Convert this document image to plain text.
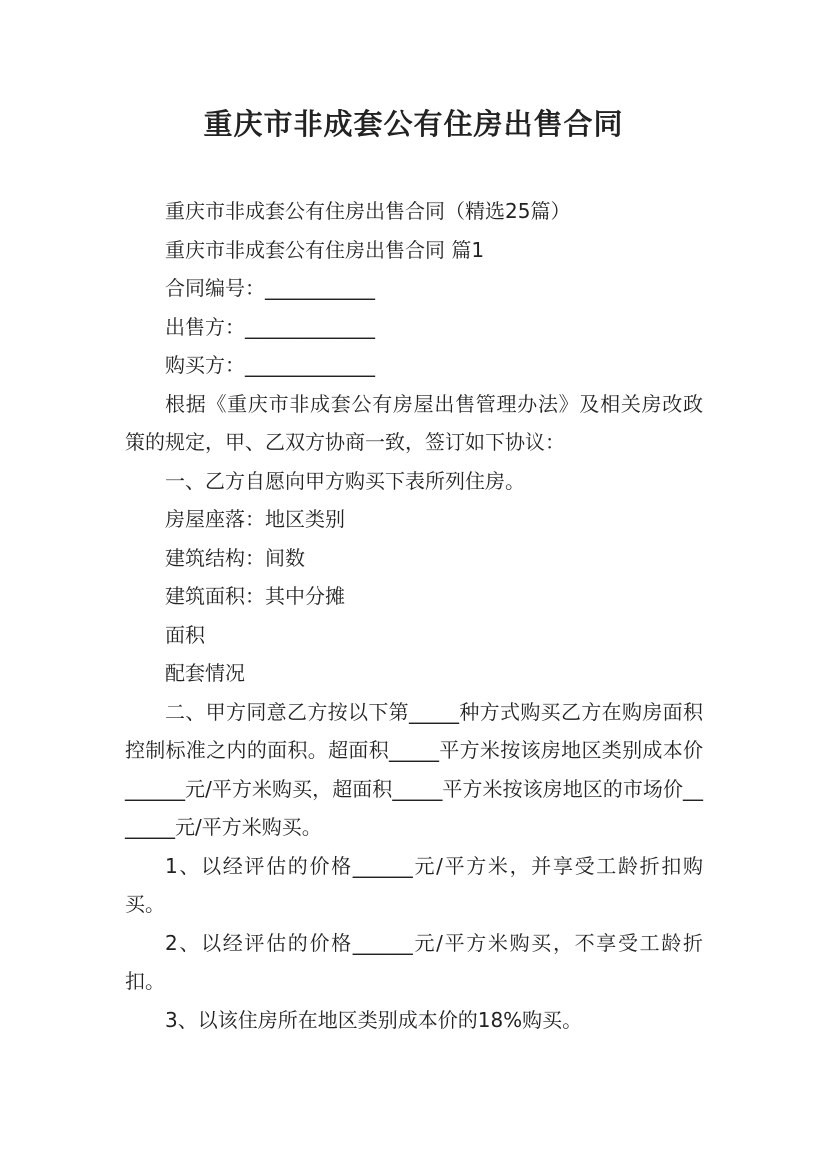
重庆市非成套公有住房出售合同

重庆市非成套公有住房出售合同（精选25篇）

重庆市非成套公有住房出售合同 篇1

合同编号：___________

出售方：_____________

购买方：_____________

根据《重庆市非成套公有房屋出售管理办法》及相关房改政策的规定，甲、乙双方协商一致，签订如下协议：

一、乙方自愿向甲方购买下表所列住房。

房屋座落：地区类别

建筑结构：间数

建筑面积：其中分摊

面积

配套情况

二、甲方同意乙方按以下第_____种方式购买乙方在购房面积控制标准之内的面积。超面积_____平方米按该房地区类别成本价______元/平方米购买，超面积_____平方米按该房地区的市场价_______元/平方米购买。

1、以经评估的价格______元/平方米，并享受工龄折扣购买。

2、以经评估的价格______元/平方米购买，不享受工龄折扣。

3、以该住房所在地区类别成本价的18%购买。
